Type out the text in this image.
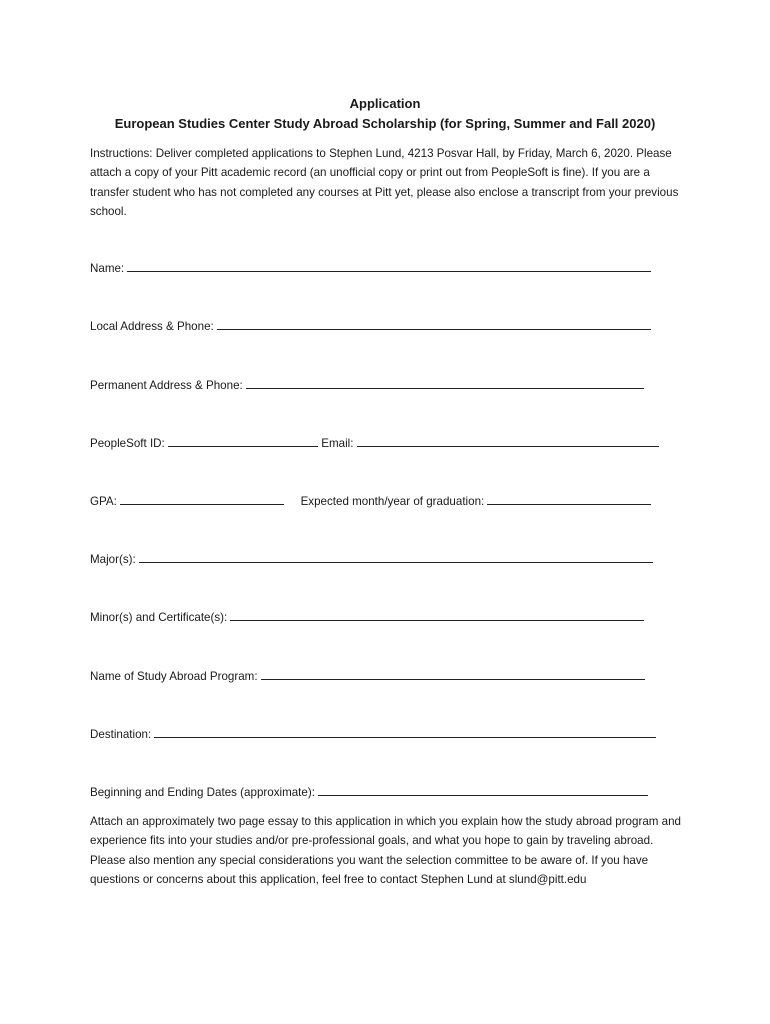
Application
European Studies Center Study Abroad Scholarship (for Spring, Summer and Fall 2020)
Instructions: Deliver completed applications to Stephen Lund, 4213 Posvar Hall, by Friday, March 6, 2020. Please attach a copy of your Pitt academic record (an unofficial copy or print out from PeopleSoft is fine). If you are a transfer student who has not completed any courses at Pitt yet, please also enclose a transcript from your previous school.
Name:
Local Address & Phone:
Permanent Address & Phone:
PeopleSoft ID:	Email:
GPA:	Expected month/year of graduation:
Major(s):
Minor(s) and Certificate(s):
Name of Study Abroad Program:
Destination:
Beginning and Ending Dates (approximate):
Attach an approximately two page essay to this application in which you explain how the study abroad program and experience fits into your studies and/or pre-professional goals, and what you hope to gain by traveling abroad. Please also mention any special considerations you want the selection committee to be aware of. If you have questions or concerns about this application, feel free to contact Stephen Lund at slund@pitt.edu
